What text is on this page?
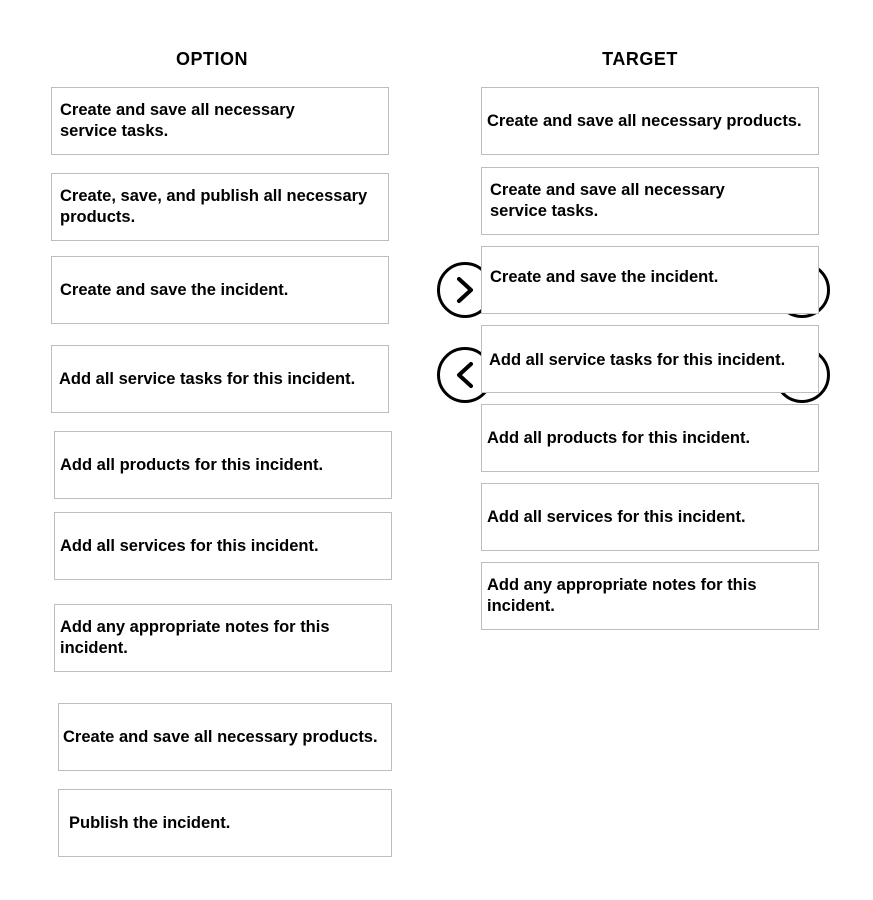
OPTION	TARGET
Create and save all necessary service tasks.
Create, save, and publish all necessary products.
Create and save the incident.
Add all service tasks for this incident.
Add all products for this incident.
Add all services for this incident.
Add any appropriate notes for this incident.
Create and save all necessary products.
Publish the incident.
Create and save all necessary products.
Create and save all necessary service tasks.
Create and save the incident.
Add all service tasks for this incident.
Add all products for this incident.
Add all services for this incident.
Add any appropriate notes for this incident.
